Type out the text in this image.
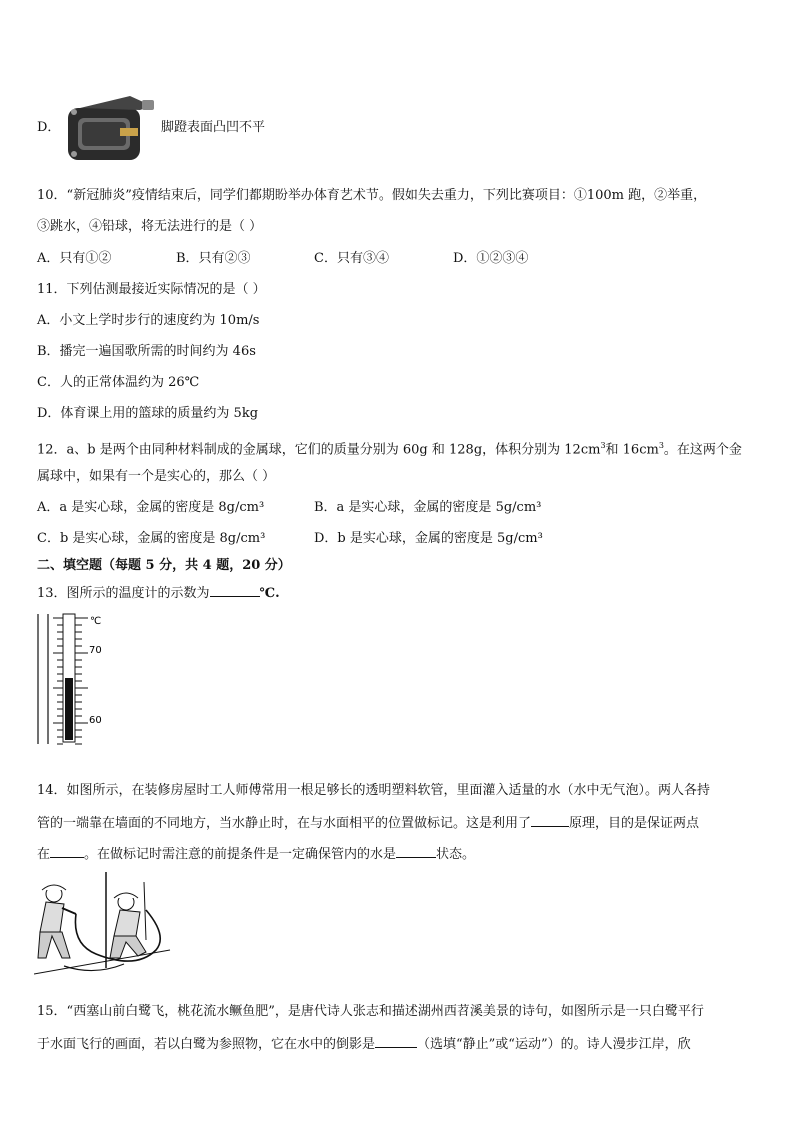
D．	脚蹬表面凸凹不平
10．“新冠肺炎”疫情结束后，同学们都期盼举办体育艺术节。假如失去重力，下列比赛项目：①100m 跑，②举重，
③跳水，④铅球，将无法进行的是（ ）
A．只有①②	B．只有②③	C．只有③④	D．①②③④
11．下列估测最接近实际情况的是（ ）
A．小文上学时步行的速度约为 10m/s
B．播完一遍国歌所需的时间约为 46s
C．人的正常体温约为 26℃
D．体育课上用的篮球的质量约为 5kg
12．a、b 是两个由同种材料制成的金属球，它们的质量分别为 60g 和 128g，体积分别为 $12cm^3$和 $16cm^3$。在这两个金
属球中，如果有一个是实心的，那么（ ）
A．a 是实心球，金属的密度是 8g/cm³	B．a 是实心球，金属的密度是 5g/cm³
C．b 是实心球，金属的密度是 8g/cm³	D．b 是实心球，金属的密度是 5g/cm³
二、填空题（每题 5 分，共 4 题，20 分）
13．图所示的温度计的示数为	℃.
℃
70
60
14．如图所示，在装修房屋时工人师傅常用一根足够长的透明塑料软管，里面灌入适量的水（水中无气泡）。两人各持
管的一端靠在墙面的不同地方，当水静止时，在与水面相平的位置做标记。这是利用了	原理，目的是保证两点
在	。在做标记时需注意的前提条件是一定确保管内的水是	状态。
15．“西塞山前白鹭飞，桃花流水鳜鱼肥”，是唐代诗人张志和描述湖州西苕溪美景的诗句，如图所示是一只白鹭平行
于水面飞行的画面，若以白鹭为参照物，它在水中的倒影是	（选填“静止”或“运动”）的。诗人漫步江岸，欣
